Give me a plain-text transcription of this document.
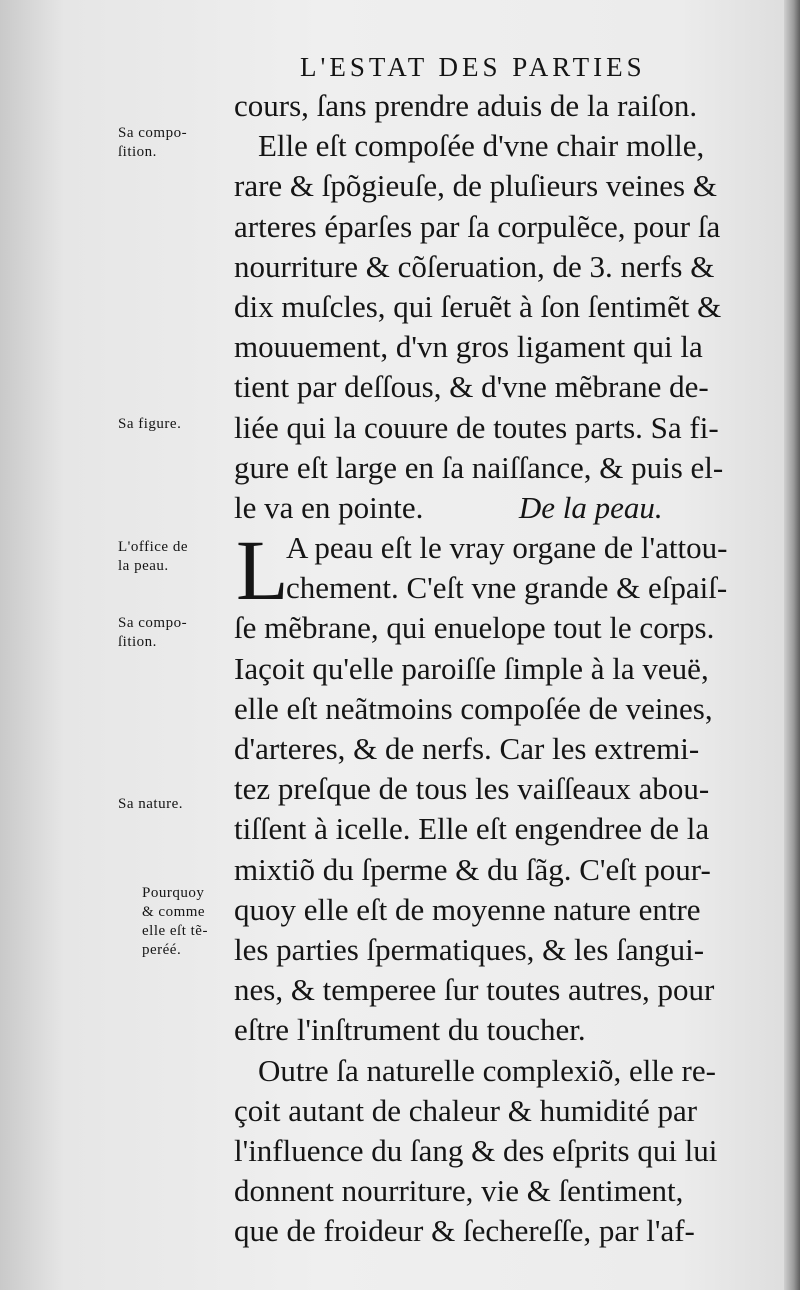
L'ESTAT DES PARTIES
cours, ſans prendre aduis de la raiſon.
Elle eſt compoſée d'vne chair molle,
rare & ſpõgieuſe, de pluſieurs veines &
arteres éparſes par ſa corpulẽce, pour ſa
nourriture & cõſeruation, de 3. nerfs &
dix muſcles, qui ſeruẽt à ſon ſentimẽt &
mouuement, d'vn gros ligament qui la
tient par deſſous, & d'vne mẽbrane de-
liée qui la couure de toutes parts. Sa fi-
gure eſt large en ſa naiſſance, & puis el-
le va en pointe.	De la peau.
A peau eſt le vray organe de l'attou-
chement. C'eſt vne grande & eſpaiſ-
ſe mẽbrane, qui enuelope tout le corps.
Iaçoit qu'elle paroiſſe ſimple à la veuë,
elle eſt neãtmoins compoſée de veines,
d'arteres, & de nerfs. Car les extremi-
tez preſque de tous les vaiſſeaux abou-
tiſſent à icelle. Elle eſt engendree de la
mixtiõ du ſperme & du ſãg. C'eſt pour-
quoy elle eſt de moyenne nature entre
les parties ſpermatiques, & les ſangui-
nes, & temperee ſur toutes autres, pour
eſtre l'inſtrument du toucher.
Outre ſa naturelle complexiõ, elle re-
çoit autant de chaleur & humidité par
l'influence du ſang & des eſprits qui lui
donnent nourriture, vie & ſentiment,
que de froideur & ſechereſſe, par l'af-
L
Sa compo-
ſition.
Sa figure.
L'office de
la peau.
Sa compo-
ſition.
Sa nature.
Pourquoy
& comme
elle eſt tẽ-
peréé.
